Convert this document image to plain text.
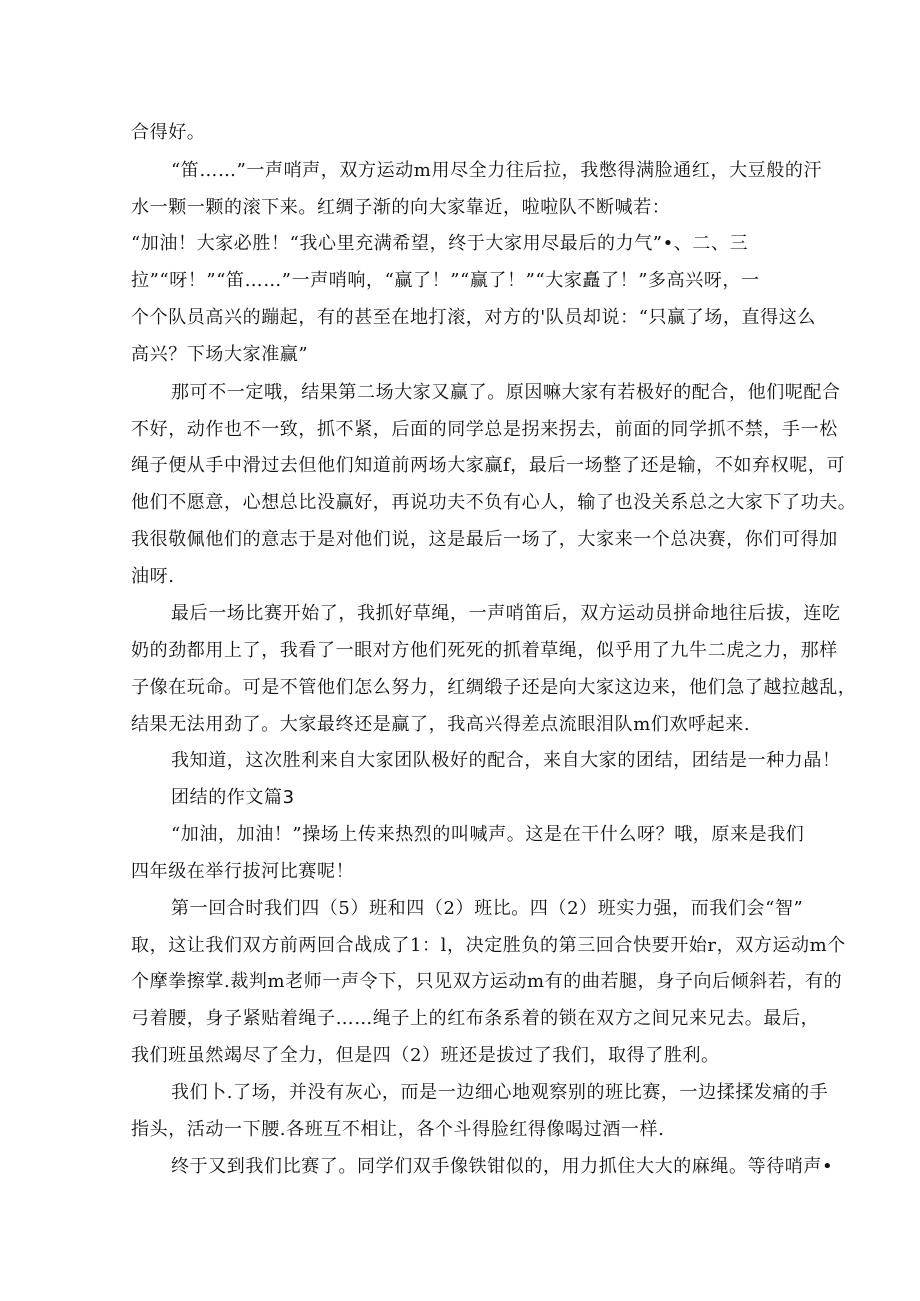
合得好。
“笛……”一声哨声，双方运动m用尽全力往后拉，我憋得满脸通红，大豆般的汗
水一颗一颗的滚下来。红绸子渐的向大家靠近，啦啦队不断喊若：
“加油！大家必胜！“我心里充满希望，终于大家用尽最后的力气”•、二、三
拉”“呀！”“笛……”一声哨响，“赢了！”“赢了！”“大家矗了！”多高兴呀，一
个个队员高兴的蹦起，有的甚至在地打滚，对方的'队员却说：“只赢了场，直得这么
高兴？下场大家准赢”
那可不一定哦，结果第二场大家又赢了。原因嘛大家有若极好的配合，他们呢配合
不好，动作也不一致，抓不紧，后面的同学总是拐来拐去，前面的同学抓不禁，手一松
绳子便从手中滑过去但他们知道前两场大家赢f，最后一场整了还是输，不如弃权呢，可
他们不愿意，心想总比没赢好，再说功夫不负有心人，输了也没关系总之大家下了功夫。
我很敬佩他们的意志于是对他们说，这是最后一场了，大家来一个总决赛，你们可得加
油呀.
最后一场比赛开始了，我抓好草绳，一声哨笛后，双方运动员拼命地往后拔，连吃
奶的劲都用上了，我看了一眼对方他们死死的抓着草绳，似乎用了九牛二虎之力，那样
子像在玩命。可是不管他们怎么努力，红绸缎子还是向大家这边来，他们急了越拉越乱，
结果无法用劲了。大家最终还是赢了，我高兴得差点流眼泪队m们欢呼起来.
我知道，这次胜利来自大家团队极好的配合，来自大家的团结，团结是一种力晶！
团结的作文篇3
“加油，加油！”操场上传来热烈的叫喊声。这是在干什么呀？哦，原来是我们
四年级在举行拔河比赛呢！
第一回合时我们四（5）班和四（2）班比。四（2）班实力强，而我们会“智”
取，这让我们双方前两回合战成了1：l，决定胜负的第三回合快要开始r，双方运动m个
个摩拳擦掌.裁判m老师一声令下，只见双方运动m有的曲若腿，身子向后倾斜若，有的
弓着腰，身子紧贴着绳子……绳子上的红布条系着的锁在双方之间兄来兄去。最后，
我们班虽然竭尽了全力，但是四（2）班还是拔过了我们，取得了胜利。
我们卜.了场，并没有灰心，而是一边细心地观察别的班比赛，一边揉揉发痛的手
指头，活动一下腰.各班互不相让，各个斗得脸红得像喝过酒一样.
终于又到我们比赛了。同学们双手像铁钳似的，用力抓住大大的麻绳。等待哨声•
